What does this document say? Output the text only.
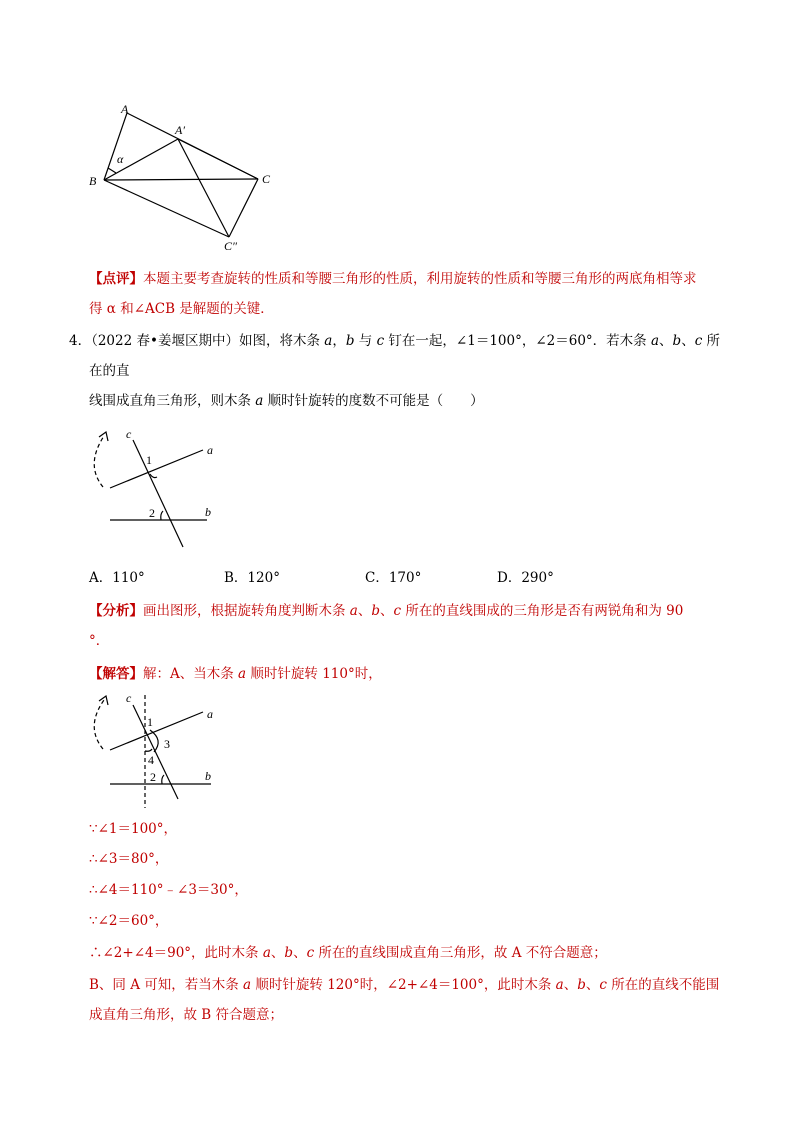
A
A′
B	C
C″
α
【点评】本题主要考查旋转的性质和等腰三角形的性质，利用旋转的性质和等腰三角形的两底角相等求
得 α 和∠ACB 是解题的关键．
4．（2022 春•姜堰区期中）如图，将木条 a，b 与 c 钉在一起，∠1＝100°，∠2＝60°．若木条 a、b、c 所
在的直
线围成直角三角形，则木条 a 顺时针旋转的度数不可能是（　　）
c
a
b
1
2
A．110°	B．120°	C．170°	D．290°
【分析】画出图形，根据旋转角度判断木条 a、b、c 所在的直线围成的三角形是否有两锐角和为 90
°．
【解答】解：A、当木条 a 顺时针旋转 110°时，
c
a
b
1
3
4
2
∵∠1＝100°，
∴∠3＝80°，
∴∠4＝110°﹣∠3＝30°，
∵∠2＝60°，
∴∠2+∠4＝90°，此时木条 a、b、c 所在的直线围成直角三角形，故 A 不符合题意；
B、同 A 可知，若当木条 a 顺时针旋转 120°时，∠2+∠4＝100°，此时木条 a、b、c 所在的直线不能围
成直角三角形，故 B 符合题意；
